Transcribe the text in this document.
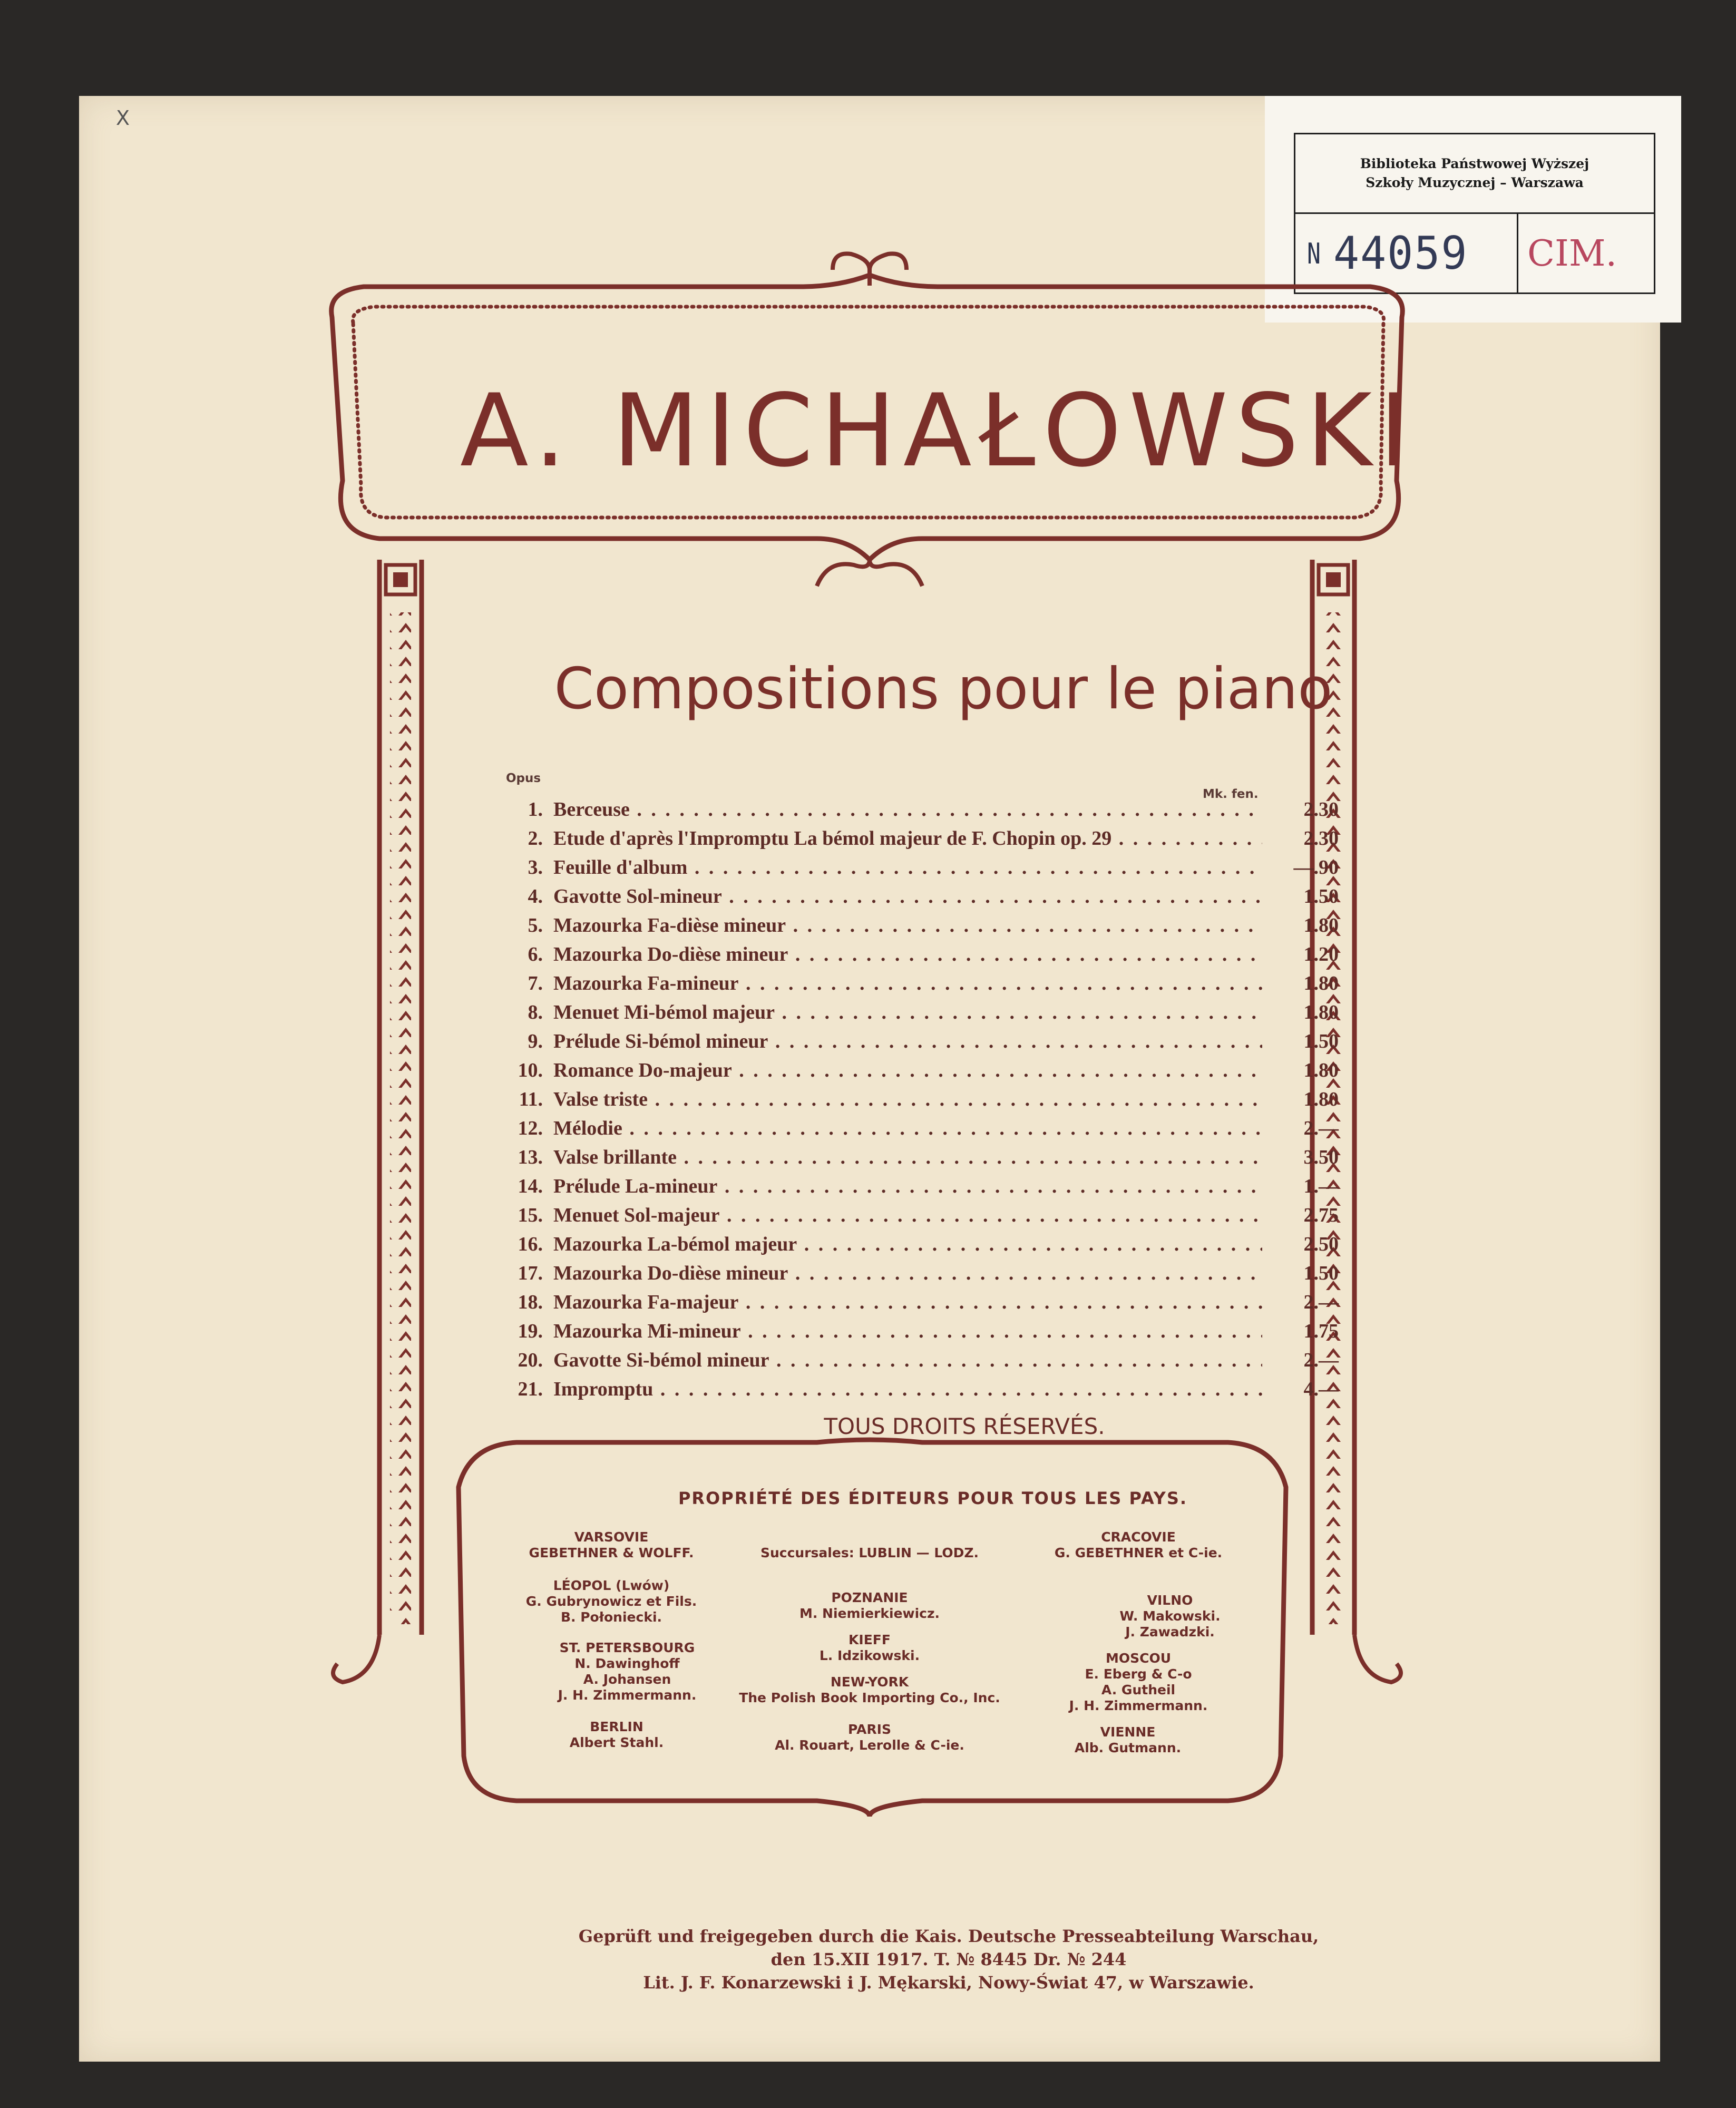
X
Biblioteka Państwowej Wyższej
Szkoły Muzycznej – Warszawa
N 44059 CIM.
A. MICHAŁOWSKI
Compositions pour le piano
Opus
Mk. fen.
1. Berceuse . . .	2.30
2. Etude d'après l'Impromptu La bémol majeur de F. Chopin op. 29 . . .	2.30
3. Feuille d'album . . .	—.90
4. Gavotte Sol-mineur . . .	1.50
5. Mazourka Fa-dièse mineur . . .	1.80
6. Mazourka Do-dièse mineur . . .	1.20
7. Mazourka Fa-mineur . . .	1.80
8. Menuet Mi-bémol majeur . . .	1.80
9. Prélude Si-bémol mineur . . .	1.50
10. Romance Do-majeur . . .	1.80
11. Valse triste . . .	1.80
12. Mélodie . . .	2.—
13. Valse brillante . . .	3.50
14. Prélude La-mineur . . .	1.—
15. Menuet Sol-majeur . . .	2.75
16. Mazourka La-bémol majeur . . .	2.50
17. Mazourka Do-dièse mineur . . .	1.50
18. Mazourka Fa-majeur . . .	2.—
19. Mazourka Mi-mineur . . .	1.75
20. Gavotte Si-bémol mineur . . .	2.—
21. Impromptu . . .	4.—
TOUS DROITS RÉSERVÉS.
PROPRIÉTÉ DES ÉDITEURS POUR TOUS LES PAYS.
VARSOVIE
GEBETHNER & WOLFF.	Succursales: LUBLIN — LODZ.
CRACOVIE
G. GEBETHNER et C-ie.
LÉOPOL (Lwów)
G. Gubrynowicz et Fils.
B. Połoniecki.
POZNANIE
M. Niemierkiewicz.
VILNO
W. Makowski.
J. Zawadzki.
ST. PETERSBOURG
N. Dawinghoff
A. Johansen
J. H. Zimmermann.
KIEFF
L. Idzikowski.
NEW-YORK
The Polish Book Importing Co., Inc.
MOSCOU
E. Eberg & C-o
A. Gutheil
J. H. Zimmermann.
BERLIN
Albert Stahl.
PARIS
Al. Rouart, Lerolle & C-ie.
VIENNE
Alb. Gutmann.
Geprüft und freigegeben durch die Kais. Deutsche Presseabteilung Warschau,
den 15.XII 1917. T. № 8445 Dr. № 244
Lit. J. F. Konarzewski i J. Mękarski, Nowy-Świat 47, w Warszawie.
